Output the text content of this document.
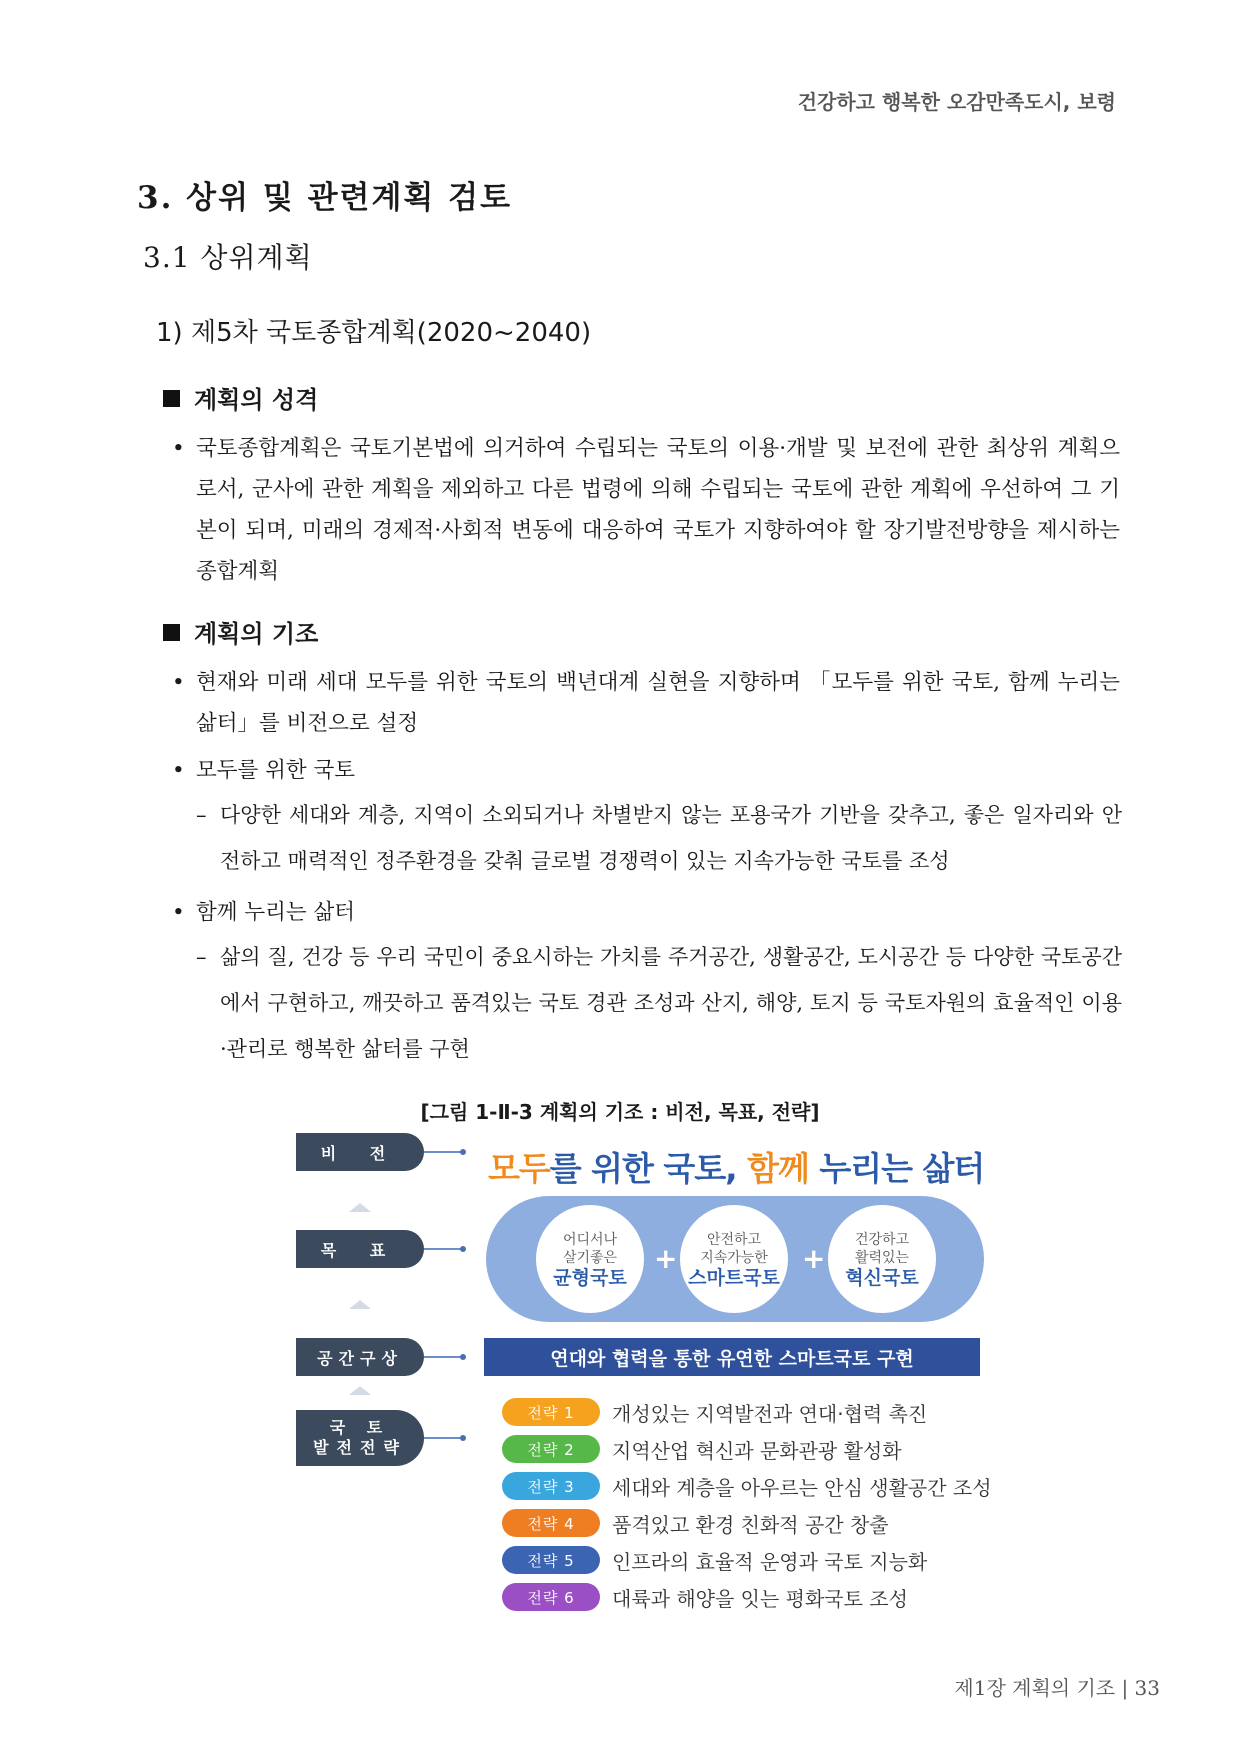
건강하고 행복한 오감만족도시, 보령
3. 상위 및 관련계획 검토
3.1 상위계획
1) 제5차 국토종합계획(2020~2040)
계획의 성격
• 국토종합계획은 국토기본법에 의거하여 수립되는 국토의 이용·개발 및 보전에 관한 최상위 계획으로서, 군사에 관한 계획을 제외하고 다른 법령에 의해 수립되는 국토에 관한 계획에 우선하여 그 기본이 되며, 미래의 경제적·사회적 변동에 대응하여 국토가 지향하여야 할 장기발전방향을 제시하는 종합계획
계획의 기조
• 현재와 미래 세대 모두를 위한 국토의 백년대계 실현을 지향하며 「모두를 위한 국토, 함께 누리는 삶터」를 비전으로 설정
• 모두를 위한 국토
– 다양한 세대와 계층, 지역이 소외되거나 차별받지 않는 포용국가 기반을 갖추고, 좋은 일자리와 안전하고 매력적인 정주환경을 갖춰 글로벌 경쟁력이 있는 지속가능한 국토를 조성
• 함께 누리는 삶터
– 삶의 질, 건강 등 우리 국민이 중요시하는 가치를 주거공간, 생활공간, 도시공간 등 다양한 국토공간에서 구현하고, 깨끗하고 품격있는 국토 경관 조성과 산지, 해양, 토지 등 국토자원의 효율적인 이용·관리로 행복한 삶터를 구현
[그림 1-Ⅱ-3 계획의 기조 : 비전, 목표, 전략]
비 전	모두를 위한 국토, 함께 누리는 삶터
목 표
어디서나
살기좋은
균형국토
+
안전하고
지속가능한
스마트국토
+
건강하고
활력있는
혁신국토
공간구상	연대와 협력을 통한 유연한 스마트국토 구현
국 토
발전전략
전략 1	개성있는 지역발전과 연대·협력 촉진
전략 2	지역산업 혁신과 문화관광 활성화
전략 3	세대와 계층을 아우르는 안심 생활공간 조성
전략 4	품격있고 환경 친화적 공간 창출
전략 5	인프라의 효율적 운영과 국토 지능화
전략 6	대륙과 해양을 잇는 평화국토 조성
제1장 계획의 기조 | 33
